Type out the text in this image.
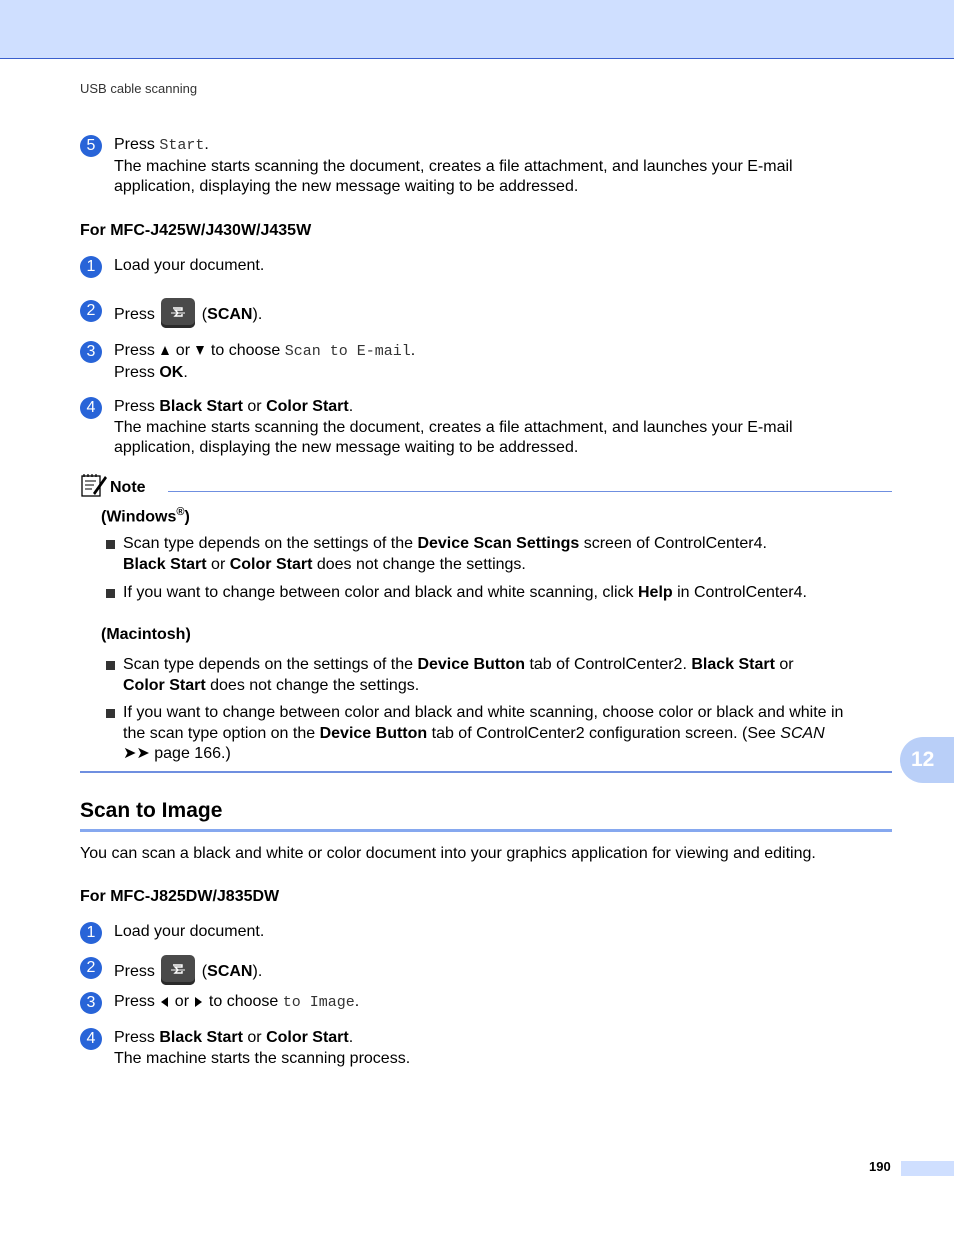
USB cable scanning
5	Press Start.
The machine starts scanning the document, creates a file attachment, and launches your E-mail
application, displaying the new message waiting to be addressed.
For MFC-J425W/J430W/J435W
1	Load your document.
2	Press	(SCAN).
3	Press  or  to choose Scan to E-mail.
Press OK.
4	Press Black Start or Color Start.
The machine starts scanning the document, creates a file attachment, and launches your E-mail
application, displaying the new message waiting to be addressed.
Note
(Windows®)
Scan type depends on the settings of the Device Scan Settings screen of ControlCenter4.
Black Start or Color Start does not change the settings.
If you want to change between color and black and white scanning, click Help in ControlCenter4.
(Macintosh)
Scan type depends on the settings of the Device Button tab of ControlCenter2. Black Start or
Color Start does not change the settings.
If you want to change between color and black and white scanning, choose color or black and white in
the scan type option on the Device Button tab of ControlCenter2 configuration screen. (See SCAN
➤➤ page 166.)	12
Scan to Image
You can scan a black and white or color document into your graphics application for viewing and editing.
For MFC-J825DW/J835DW
1	Load your document.
2	Press	(SCAN).
3	Press  or  to choose to Image.
4	Press Black Start or Color Start.
The machine starts the scanning process.
190
